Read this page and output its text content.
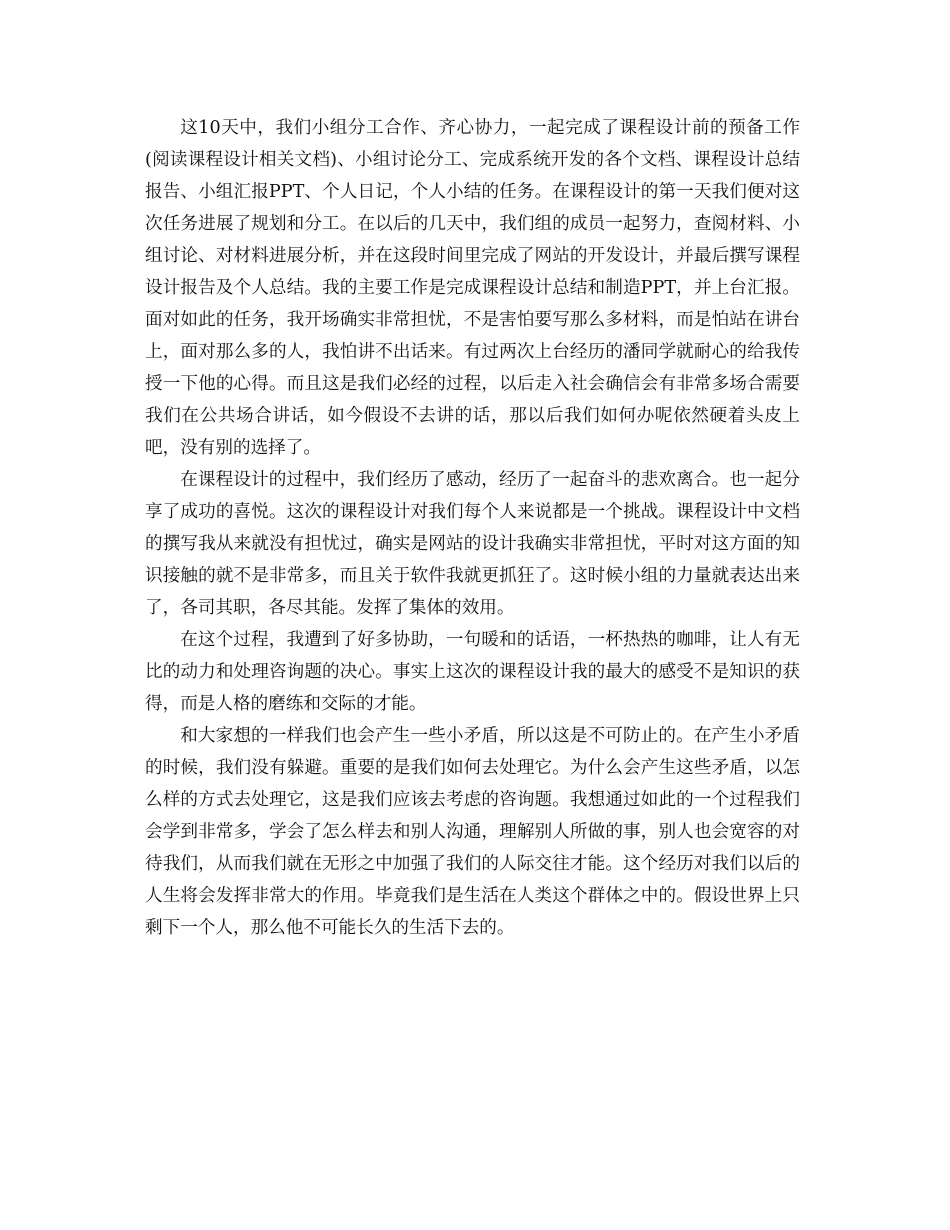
这10天中，我们小组分工合作、齐心协力，一起完成了课程设计前的预备工作(阅读课程设计相关文档)、小组讨论分工、完成系统开发的各个文档、课程设计总结报告、小组汇报PPT、个人日记，个人小结的任务。在课程设计的第一天我们便对这次任务进展了规划和分工。在以后的几天中，我们组的成员一起努力，查阅材料、小组讨论、对材料进展分析，并在这段时间里完成了网站的开发设计，并最后撰写课程设计报告及个人总结。我的主要工作是完成课程设计总结和制造PPT，并上台汇报。面对如此的任务，我开场确实非常担忧，不是害怕要写那么多材料，而是怕站在讲台上，面对那么多的人，我怕讲不出话来。有过两次上台经历的潘同学就耐心的给我传授一下他的心得。而且这是我们必经的过程，以后走入社会确信会有非常多场合需要我们在公共场合讲话，如今假设不去讲的话，那以后我们如何办呢依然硬着头皮上吧，没有别的选择了。

在课程设计的过程中，我们经历了感动，经历了一起奋斗的悲欢离合。也一起分享了成功的喜悦。这次的课程设计对我们每个人来说都是一个挑战。课程设计中文档的撰写我从来就没有担忧过，确实是网站的设计我确实非常担忧，平时对这方面的知识接触的就不是非常多，而且关于软件我就更抓狂了。这时候小组的力量就表达出来了，各司其职，各尽其能。发挥了集体的效用。

在这个过程，我遭到了好多协助，一句暖和的话语，一杯热热的咖啡，让人有无比的动力和处理咨询题的决心。事实上这次的课程设计我的最大的感受不是知识的获得，而是人格的磨练和交际的才能。

和大家想的一样我们也会产生一些小矛盾，所以这是不可防止的。在产生小矛盾的时候，我们没有躲避。重要的是我们如何去处理它。为什么会产生这些矛盾，以怎么样的方式去处理它，这是我们应该去考虑的咨询题。我想通过如此的一个过程我们会学到非常多，学会了怎么样去和别人沟通，理解别人所做的事，别人也会宽容的对待我们，从而我们就在无形之中加强了我们的人际交往才能。这个经历对我们以后的人生将会发挥非常大的作用。毕竟我们是生活在人类这个群体之中的。假设世界上只剩下一个人，那么他不可能长久的生活下去的。
